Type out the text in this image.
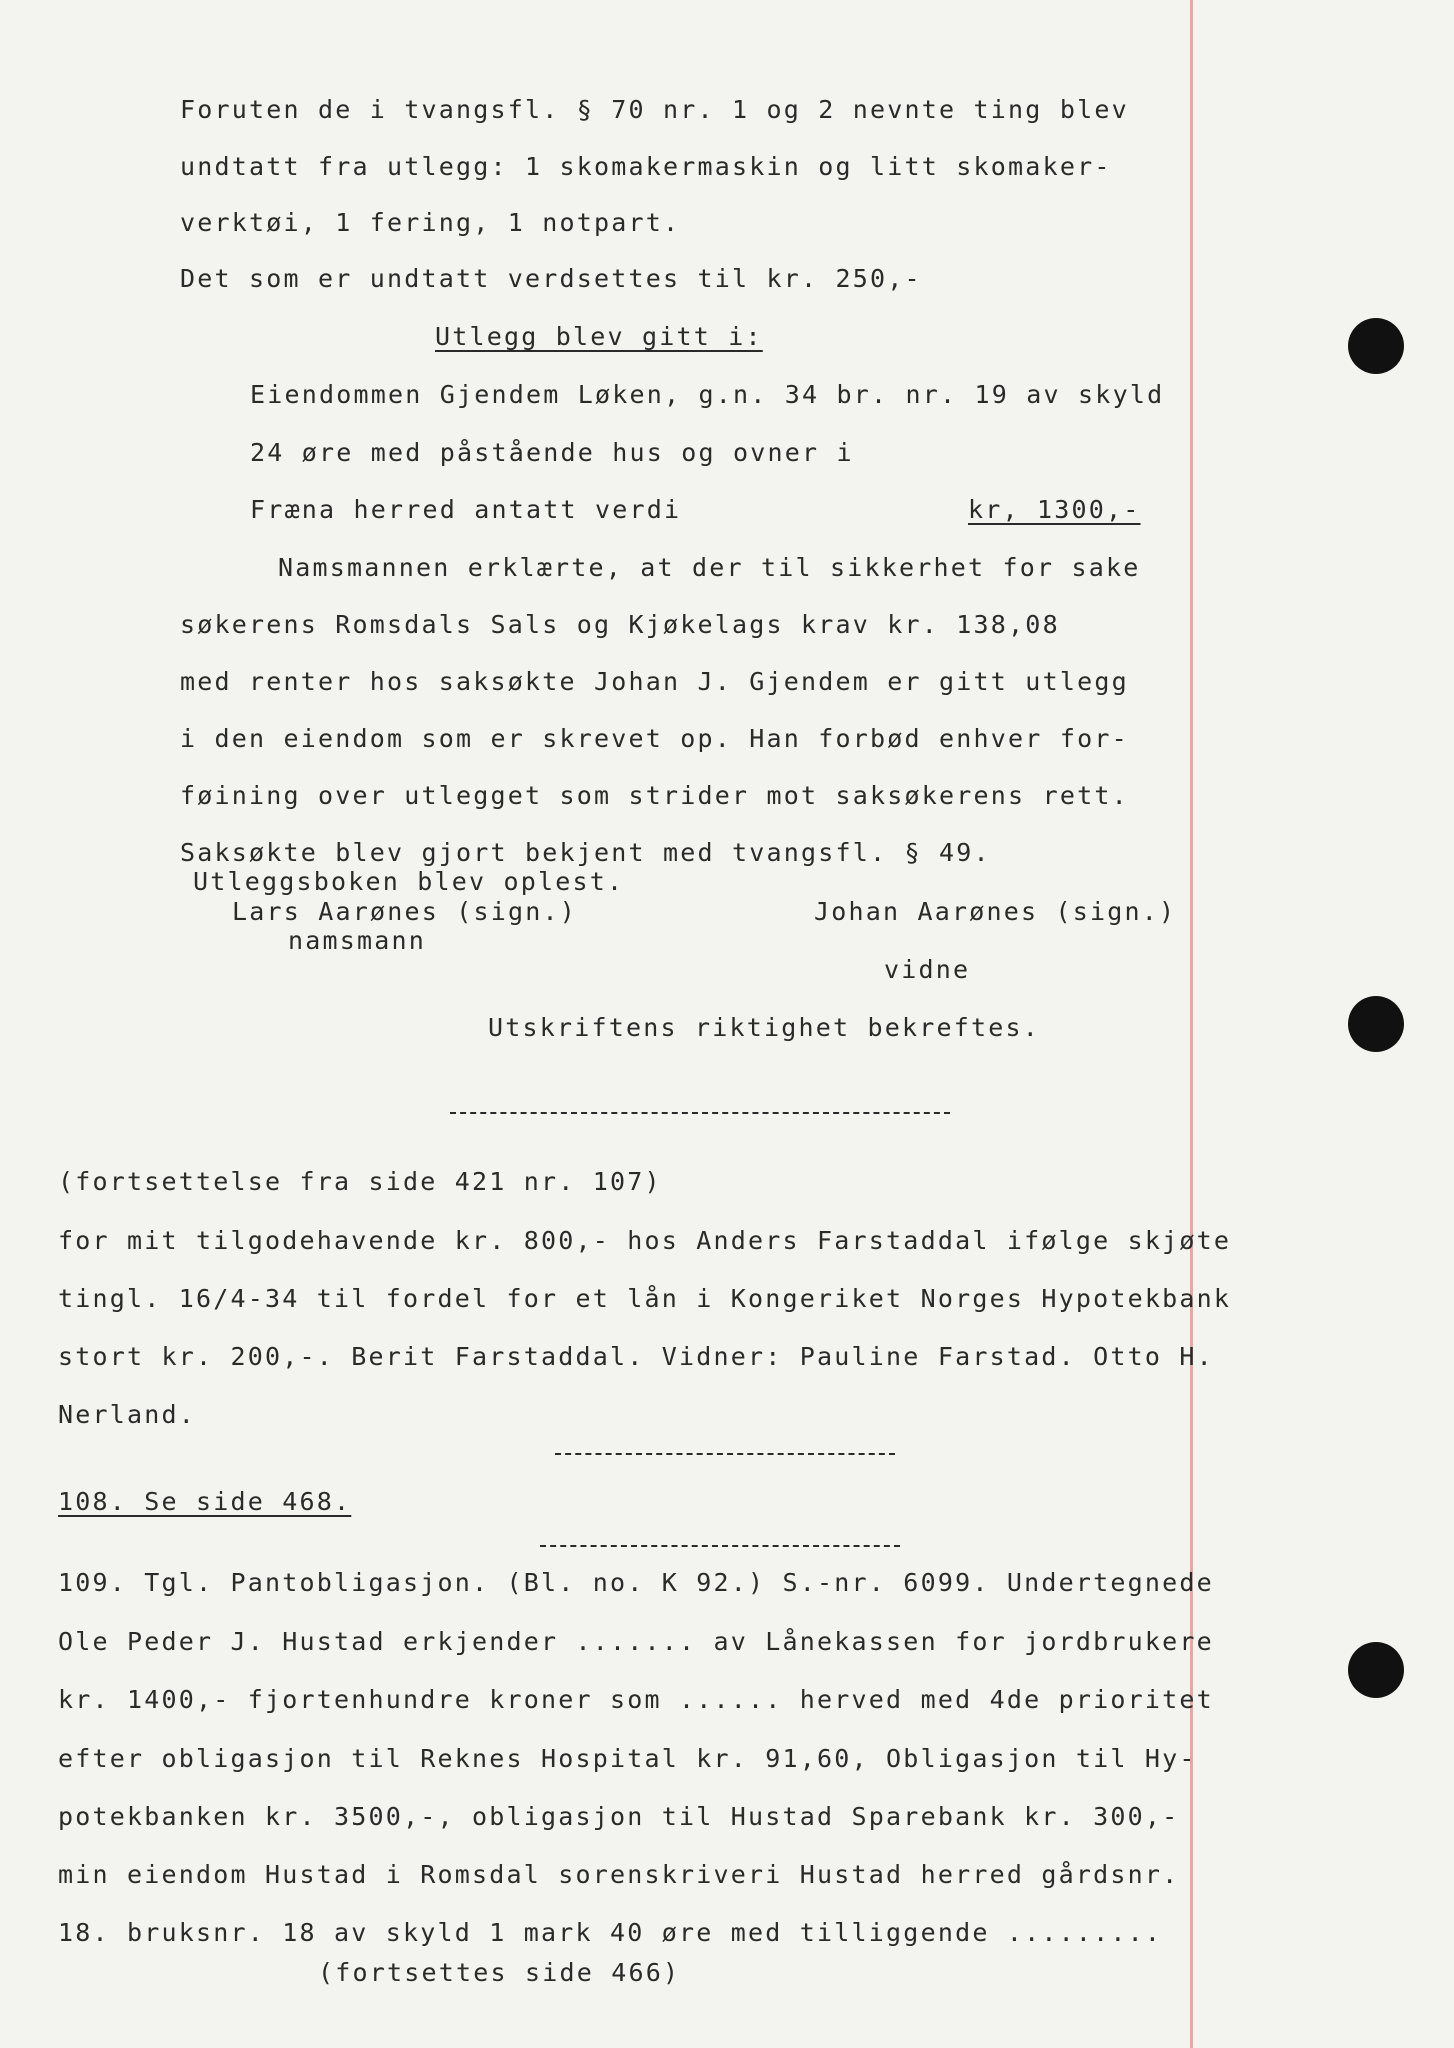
Foruten de i tvangsfl. § 70 nr. 1 og 2 nevnte ting blev
undtatt fra utlegg: 1 skomakermaskin og litt skomaker-
verktøi, 1 fering, 1 notpart.
Det som er undtatt verdsettes til kr. 250,-
Utlegg blev gitt i:
Eiendommen Gjendem Løken, g.n. 34 br. nr. 19 av skyld
24 øre med påstående hus og ovner i
Fræna herred antatt verdi	kr, 1300,-
Namsmannen erklærte, at der til sikkerhet for sake
søkerens Romsdals Sals og Kjøkelags krav kr. 138,08
med renter hos saksøkte Johan J. Gjendem er gitt utlegg
i den eiendom som er skrevet op. Han forbød enhver for-
føining over utlegget som strider mot saksøkerens rett.
Saksøkte blev gjort bekjent med tvangsfl. § 49.
Utleggsboken blev oplest.
Lars Aarønes (sign.)	Johan Aarønes (sign.)
namsmann
vidne
Utskriftens riktighet bekreftes.
(fortsettelse fra side 421 nr. 107)
for mit tilgodehavende kr. 800,- hos Anders Farstaddal ifølge skjøte
tingl. 16/4-34 til fordel for et lån i Kongeriket Norges Hypotekbank
stort kr. 200,-. Berit Farstaddal. Vidner: Pauline Farstad. Otto H.
Nerland.
108. Se side 468.
109. Tgl. Pantobligasjon. (Bl. no. K 92.) S.-nr. 6099. Undertegnede
Ole Peder J. Hustad erkjender ....... av Lånekassen for jordbrukere
kr. 1400,- fjortenhundre kroner som ...... herved med 4de prioritet
efter obligasjon til Reknes Hospital kr. 91,60, Obligasjon til Hy-
potekbanken kr. 3500,-, obligasjon til Hustad Sparebank kr. 300,-
min eiendom Hustad i Romsdal sorenskriveri Hustad herred gårdsnr.
18. bruksnr. 18 av skyld 1 mark 40 øre med tilliggende .........
(fortsettes side 466)
